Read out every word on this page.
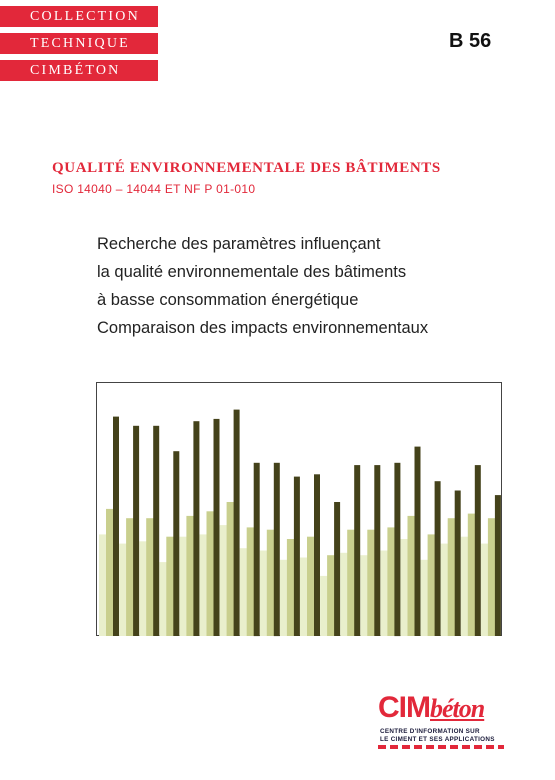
COLLECTION
TECHNIQUE
CIMBÉTON
B 56
QUALITÉ ENVIRONNEMENTALE DES BÂTIMENTS
ISO 14040 – 14044 ET NF P 01-010
Recherche des paramètres influençant
la qualité environnementale des bâtiments
à basse consommation énergétique
Comparaison des impacts environnementaux
CIMbéton
CENTRE D'INFORMATION SUR
LE CIMENT ET SES APPLICATIONS
